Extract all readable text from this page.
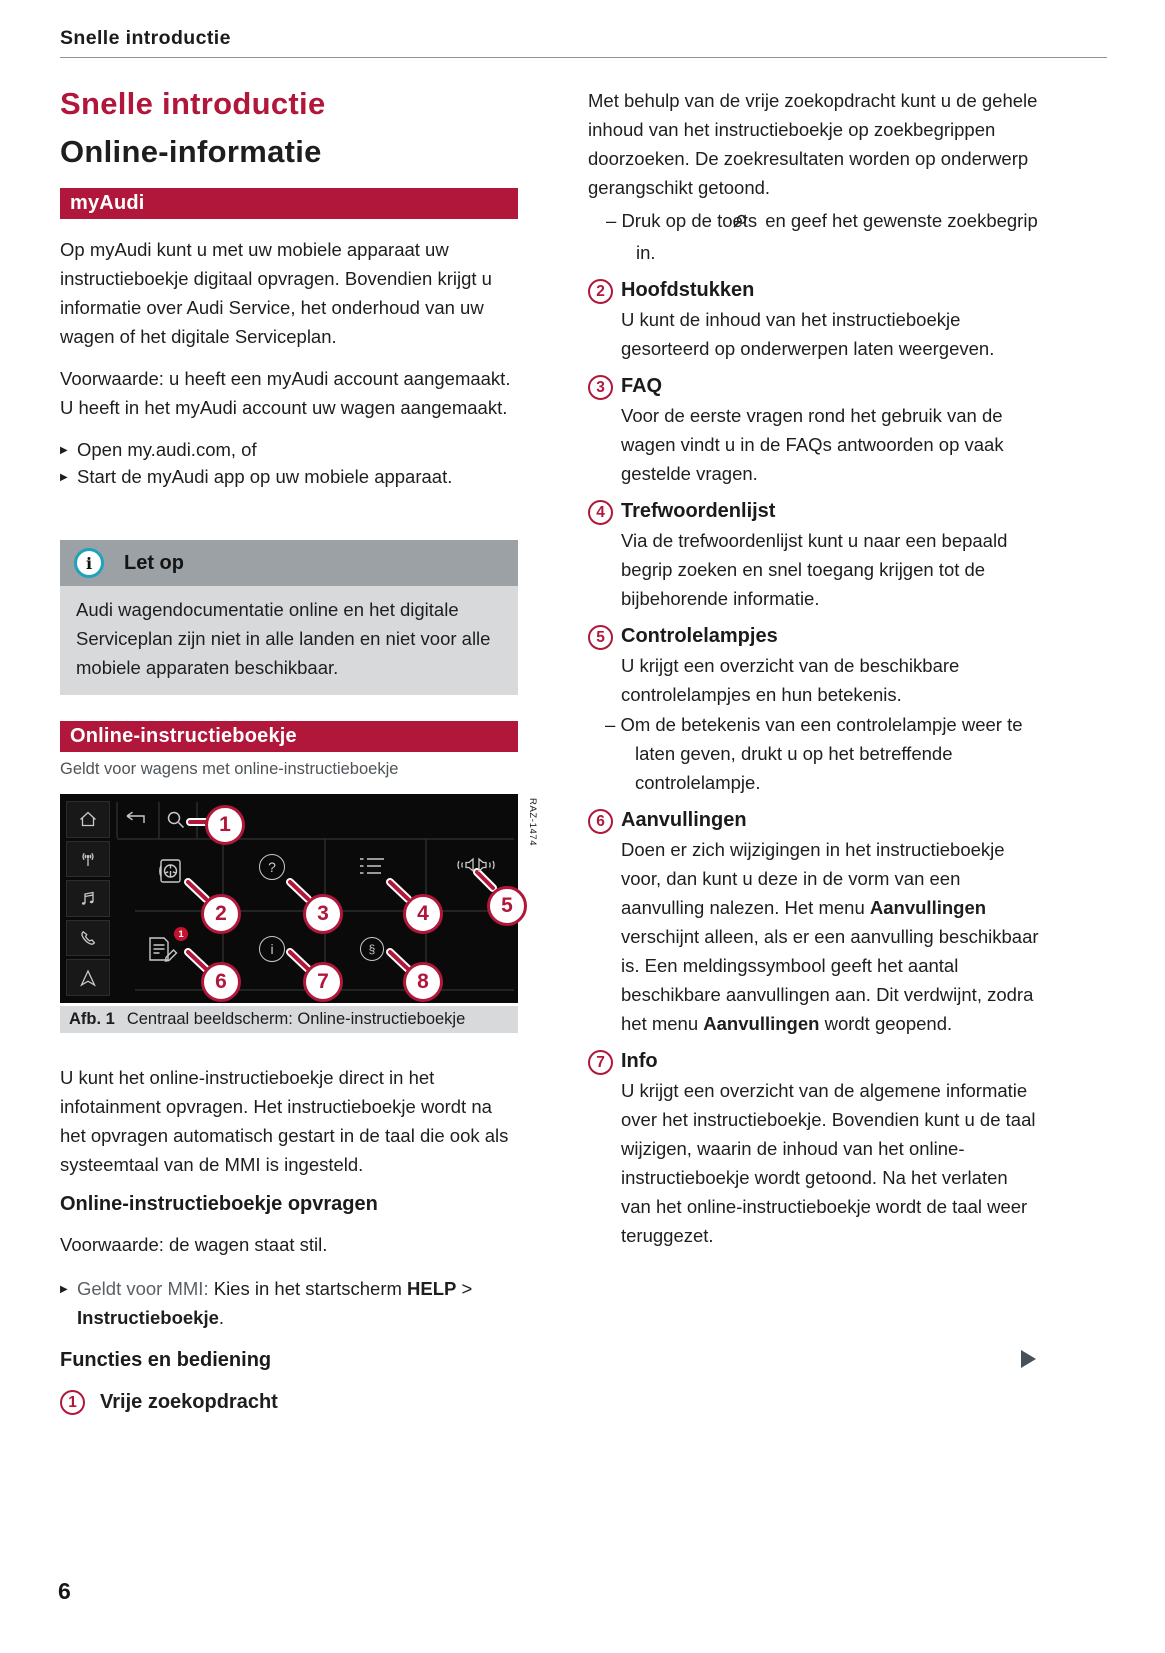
Snelle introductie
Snelle introductie
Online-informatie
myAudi

Op myAudi kunt u met uw mobiele apparaat uw instructieboekje digitaal opvragen. Bovendien krijgt u informatie over Audi Service, het onderhoud van uw wagen of het digitale Serviceplan.

Voorwaarde: u heeft een myAudi account aangemaakt. U heeft in het myAudi account uw wagen aangemaakt.

▶ Open my.audi.com, of
▶ Start de myAudi app op uw mobiele apparaat.
i Let op
Audi wagendocumentatie online en het digitale Serviceplan zijn niet in alle landen en niet voor alle mobiele apparaten beschikbaar.
Online-instructieboekje
Geldt voor wagens met online-instructieboekje
?
1
i	§
1
2	3	4	5
6	7	8
RAZ-1474
Afb. 1 Centraal beeldscherm: Online-instructieboekje

U kunt het online-instructieboekje direct in het infotainment opvragen. Het instructieboekje wordt na het opvragen automatisch gestart in de taal die ook als systeemtaal van de MMI is ingesteld.

Online-instructieboekje opvragen

Voorwaarde: de wagen staat stil.

▶ Geldt voor MMI: Kies in het startscherm HELP > Instructieboekje.
Functies en bediening
1	Vrije zoekopdracht

Met behulp van de vrije zoekopdracht kunt u de gehele inhoud van het instructieboekje op zoekbegrippen doorzoeken. De zoekresultaten worden op onderwerp gerangschikt getoond.

– Druk op de toets en geef het gewenste zoekbegrip in.
2 Hoofdstukken
U kunt de inhoud van het instructieboekje gesorteerd op onderwerpen laten weergeven.
3 FAQ
Voor de eerste vragen rond het gebruik van de wagen vindt u in de FAQs antwoorden op vaak gestelde vragen.
4 Trefwoordenlijst
Via de trefwoordenlijst kunt u naar een bepaald begrip zoeken en snel toegang krijgen tot de bijbehorende informatie.
5 Controlelampjes
U krijgt een overzicht van de beschikbare controlelampjes en hun betekenis.
– Om de betekenis van een controlelampje weer te laten geven, drukt u op het betreffende controlelampje.
6 Aanvullingen
Doen er zich wijzigingen in het instructieboekje voor, dan kunt u deze in de vorm van een aanvulling nalezen. Het menu Aanvullingen verschijnt alleen, als er een aanvulling beschikbaar is. Een meldingssymbool geeft het aantal beschikbare aanvullingen aan. Dit verdwijnt, zodra het menu Aanvullingen wordt geopend.
7 Info
U krijgt een overzicht van de algemene informatie over het instructieboekje. Bovendien kunt u de taal wijzigen, waarin de inhoud van het online-instructieboekje wordt getoond. Na het verlaten van het online-instructieboekje wordt de taal weer teruggezet.
6
